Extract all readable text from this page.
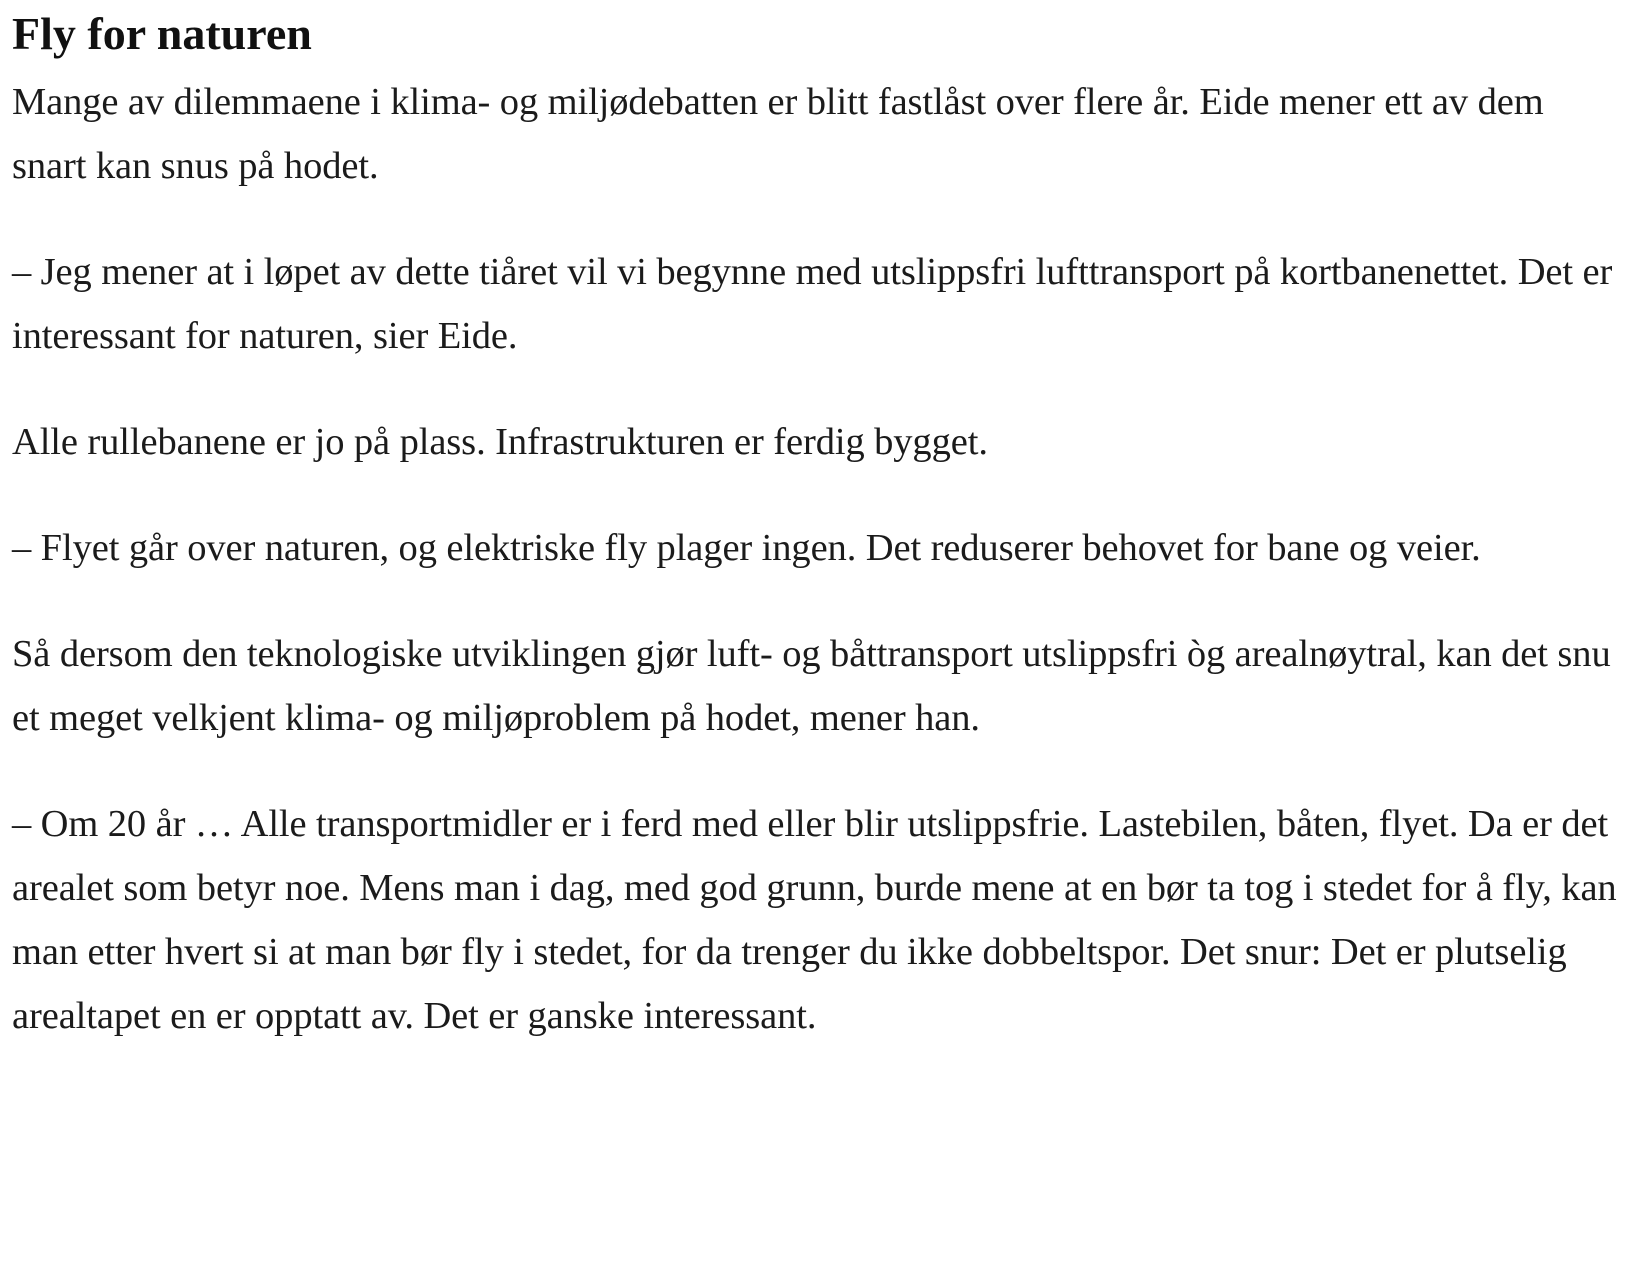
Fly for naturen

Mange av dilemmaene i klima- og miljødebatten er blitt fastlåst over flere år. Eide mener ett av dem snart kan snus på hodet.

– Jeg mener at i løpet av dette tiåret vil vi begynne med utslippsfri lufttransport på kortbanenettet. Det er interessant for naturen, sier Eide.

Alle rullebanene er jo på plass. Infrastrukturen er ferdig bygget.

– Flyet går over naturen, og elektriske fly plager ingen. Det reduserer behovet for bane og veier.

Så dersom den teknologiske utviklingen gjør luft- og båttransport utslippsfri òg arealnøytral, kan det snu et meget velkjent klima- og miljøproblem på hodet, mener han.

– Om 20 år … Alle transportmidler er i ferd med eller blir utslippsfrie. Lastebilen, båten, flyet. Da er det arealet som betyr noe. Mens man i dag, med god grunn, burde mene at en bør ta tog i stedet for å fly, kan man etter hvert si at man bør fly i stedet, for da trenger du ikke dobbeltspor. Det snur: Det er plutselig arealtapet en er opptatt av. Det er ganske interessant.
